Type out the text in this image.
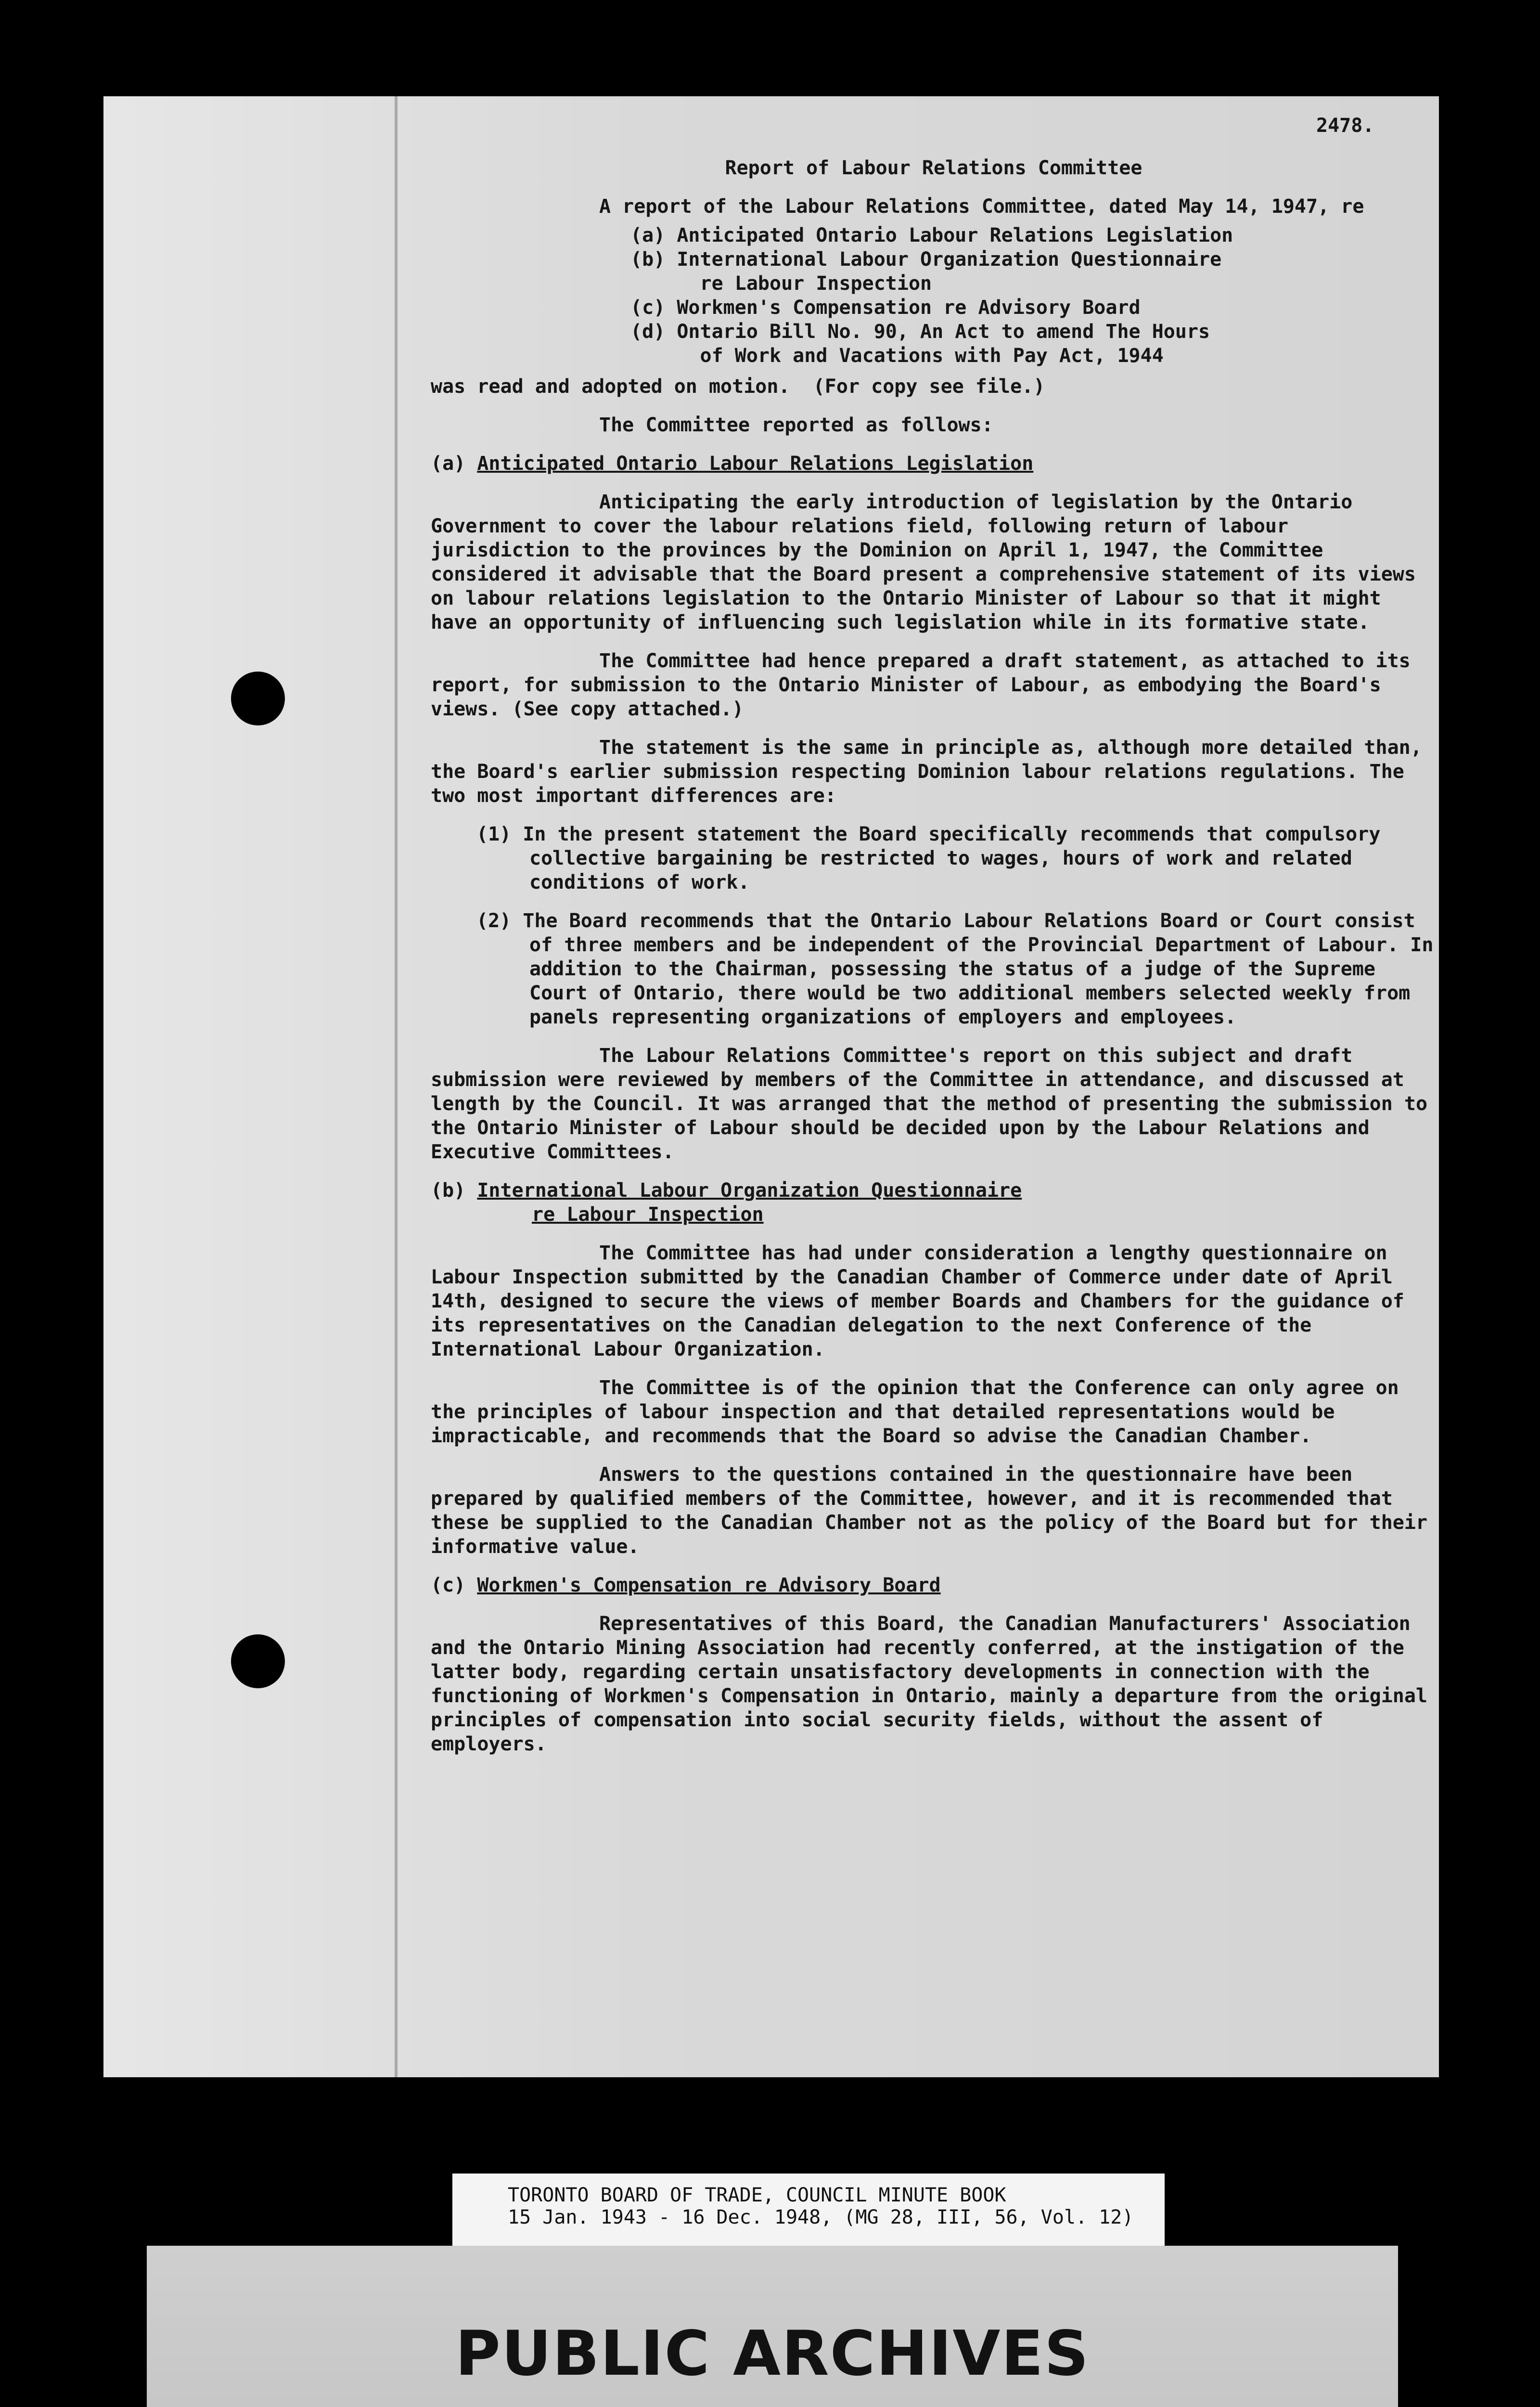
2478.
Report of Labour Relations Committee

A report of the Labour Relations Committee, dated May 14, 1947, re

(a) Anticipated Ontario Labour Relations Legislation
(b) International Labour Organization Questionnaire
re Labour Inspection
(c) Workmen's Compensation re Advisory Board
(d) Ontario Bill No. 90, An Act to amend The Hours
of Work and Vacations with Pay Act, 1944

was read and adopted on motion.  (For copy see file.)

The Committee reported as follows:

(a) Anticipated Ontario Labour Relations Legislation

Anticipating the early introduction of legislation by the Ontario Government to cover the labour relations field, following return of labour jurisdiction to the provinces by the Dominion on April 1, 1947, the Committee considered it advisable that the Board present a comprehensive statement of its views on labour relations legislation to the Ontario Minister of Labour so that it might have an opportunity of influencing such legislation while in its formative state.

The Committee had hence prepared a draft statement, as attached to its report, for submission to the Ontario Minister of Labour, as embodying the Board's views. (See copy attached.)

The statement is the same in principle as, although more detailed than, the Board's earlier submission respecting Dominion labour relations regulations. The two most important differences are:

(1) In the present statement the Board specifically recommends that compulsory collective bargaining be restricted to wages, hours of work and related conditions of work.

(2) The Board recommends that the Ontario Labour Relations Board or Court consist of three members and be independent of the Provincial Department of Labour. In addition to the Chairman, possessing the status of a judge of the Supreme Court of Ontario, there would be two additional members selected weekly from panels representing organizations of employers and employees.

The Labour Relations Committee's report on this subject and draft submission were reviewed by members of the Committee in attendance, and discussed at length by the Council. It was arranged that the method of presenting the submission to the Ontario Minister of Labour should be decided upon by the Labour Relations and Executive Committees.

(b) International Labour Organization Questionnaire

re Labour Inspection

The Committee has had under consideration a lengthy questionnaire on Labour Inspection submitted by the Canadian Chamber of Commerce under date of April 14th, designed to secure the views of member Boards and Chambers for the guidance of its representatives on the Canadian delegation to the next Conference of the International Labour Organization.

The Committee is of the opinion that the Conference can only agree on the principles of labour inspection and that detailed representations would be impracticable, and recommends that the Board so advise the Canadian Chamber.

Answers to the questions contained in the questionnaire have been prepared by qualified members of the Committee, however, and it is recommended that these be supplied to the Canadian Chamber not as the policy of the Board but for their informative value.

(c) Workmen's Compensation re Advisory Board

Representatives of this Board, the Canadian Manufacturers' Association and the Ontario Mining Association had recently conferred, at the instigation of the latter body, regarding certain unsatisfactory developments in connection with the functioning of Workmen's Compensation in Ontario, mainly a departure from the original principles of compensation into social security fields, without the assent of employers.

TORONTO BOARD OF TRADE, COUNCIL MINUTE BOOK
15 Jan. 1943 - 16 Dec. 1948, (MG 28, III, 56, Vol. 12)
PUBLIC ARCHIVES
